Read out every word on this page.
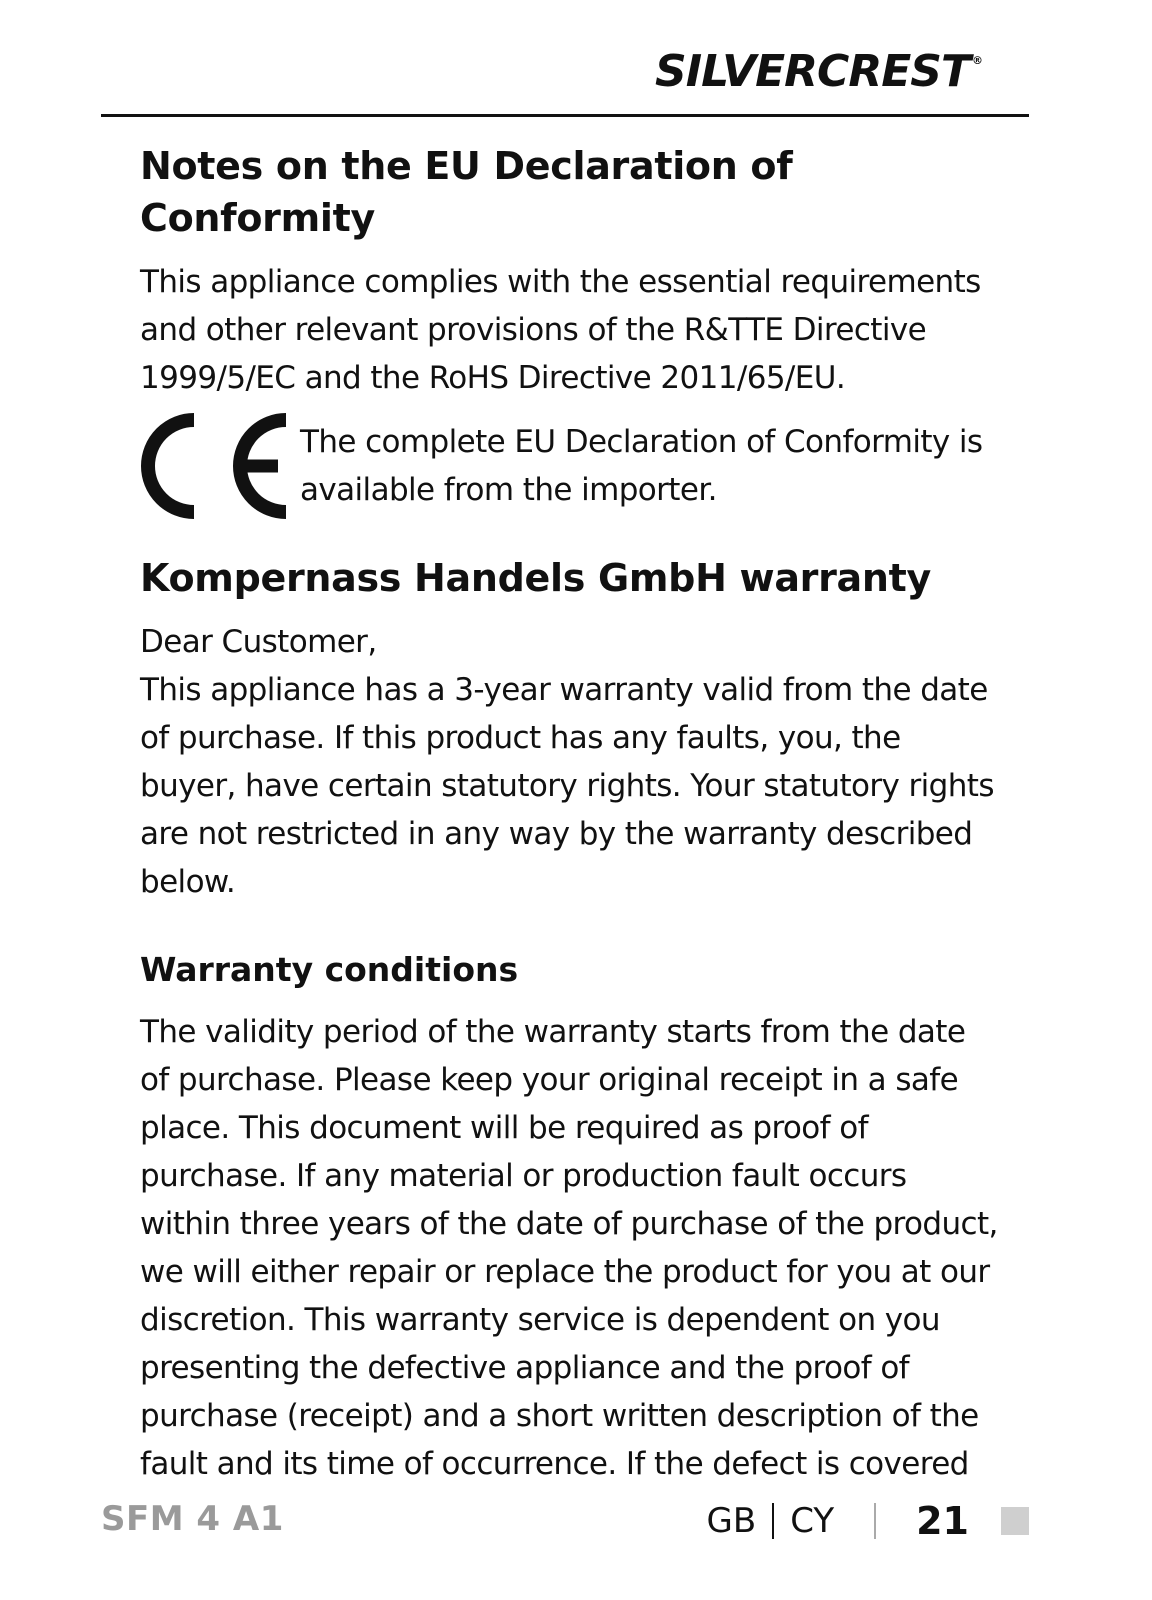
SILVERCREST ®
Notes on the EU Declaration of Conformity

This appliance complies with the essential requirements and other relevant provisions of the R&TTE Directive 1999/5/EC and the RoHS Directive 2011/65/EU.

The complete EU Declaration of Conformity is available from the importer.

Kompernass Handels GmbH warranty

Dear Customer,

This appliance has a 3-year warranty valid from the date of purchase. If this product has any faults, you, the buyer, have certain statutory rights. Your statutory rights are not restricted in any way by the warranty described below.

Warranty conditions

The validity period of the warranty starts from the date of purchase. Please keep your original receipt in a safe place. This document will be required as proof of purchase. If any material or production fault occurs within three years of the date of purchase of the product, we will either repair or replace the product for you at our discretion. This warranty service is dependent on you presenting the defective appliance and the proof of purchase (receipt) and a short written description of the fault and its time of occurrence. If the defect is covered

SFM 4 A1	GB CY 21
